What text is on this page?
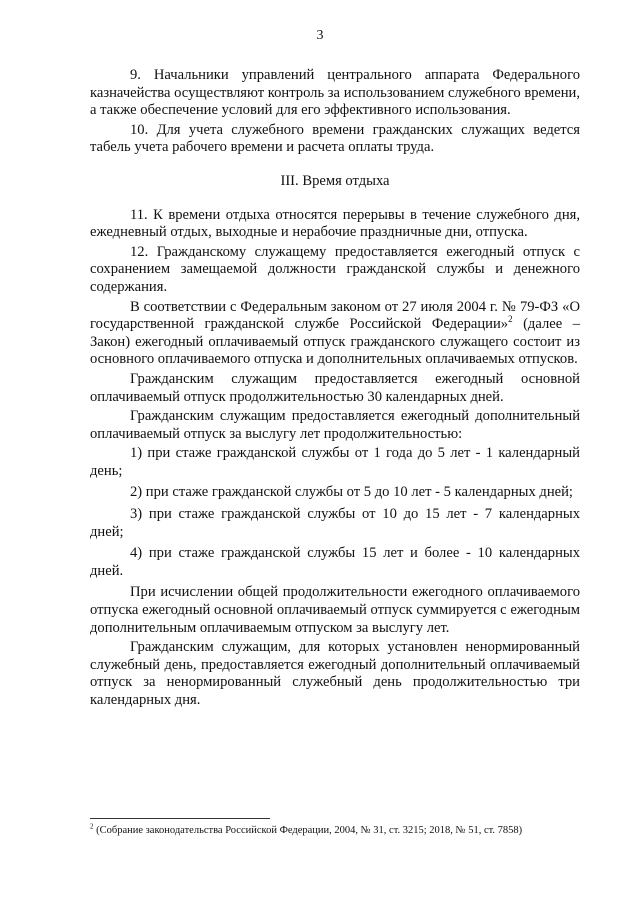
3

9. Начальники управлений центрального аппарата Федерального казначейства осуществляют контроль за использованием служебного времени, а также обеспечение условий для его эффективного использования.

10. Для учета служебного времени гражданских служащих ведется табель учета рабочего времени и расчета оплаты труда.

III. Время отдыха

11. К времени отдыха относятся перерывы в течение служебного дня, ежедневный отдых, выходные и нерабочие праздничные дни, отпуска.

12. Гражданскому служащему предоставляется ежегодный отпуск с сохранением замещаемой должности гражданской службы и денежного содержания.

В соответствии с Федеральным законом от 27 июля 2004 г. № 79-ФЗ «О государственной гражданской службе Российской Федерации»$^2$ (далее – Закон) ежегодный оплачиваемый отпуск гражданского служащего состоит из основного оплачиваемого отпуска и дополнительных оплачиваемых отпусков.

Гражданским служащим предоставляется ежегодный основной оплачиваемый отпуск продолжительностью 30 календарных дней.

Гражданским служащим предоставляется ежегодный дополнительный оплачиваемый отпуск за выслугу лет продолжительностью:

1) при стаже гражданской службы от 1 года до 5 лет - 1 календарный день;

2) при стаже гражданской службы от 5 до 10 лет - 5 календарных дней;

3) при стаже гражданской службы от 10 до 15 лет - 7 календарных дней;

4) при стаже гражданской службы 15 лет и более - 10 календарных дней.

При исчислении общей продолжительности ежегодного оплачиваемого отпуска ежегодный основной оплачиваемый отпуск суммируется с ежегодным дополнительным оплачиваемым отпуском за выслугу лет.

Гражданским служащим, для которых установлен ненормированный служебный день, предоставляется ежегодный дополнительный оплачиваемый отпуск за ненормированный служебный день продолжительностью три календарных дня.

$^2$ (Собрание законодательства Российской Федерации, 2004, № 31, ст. 3215; 2018, № 51, ст. 7858)
